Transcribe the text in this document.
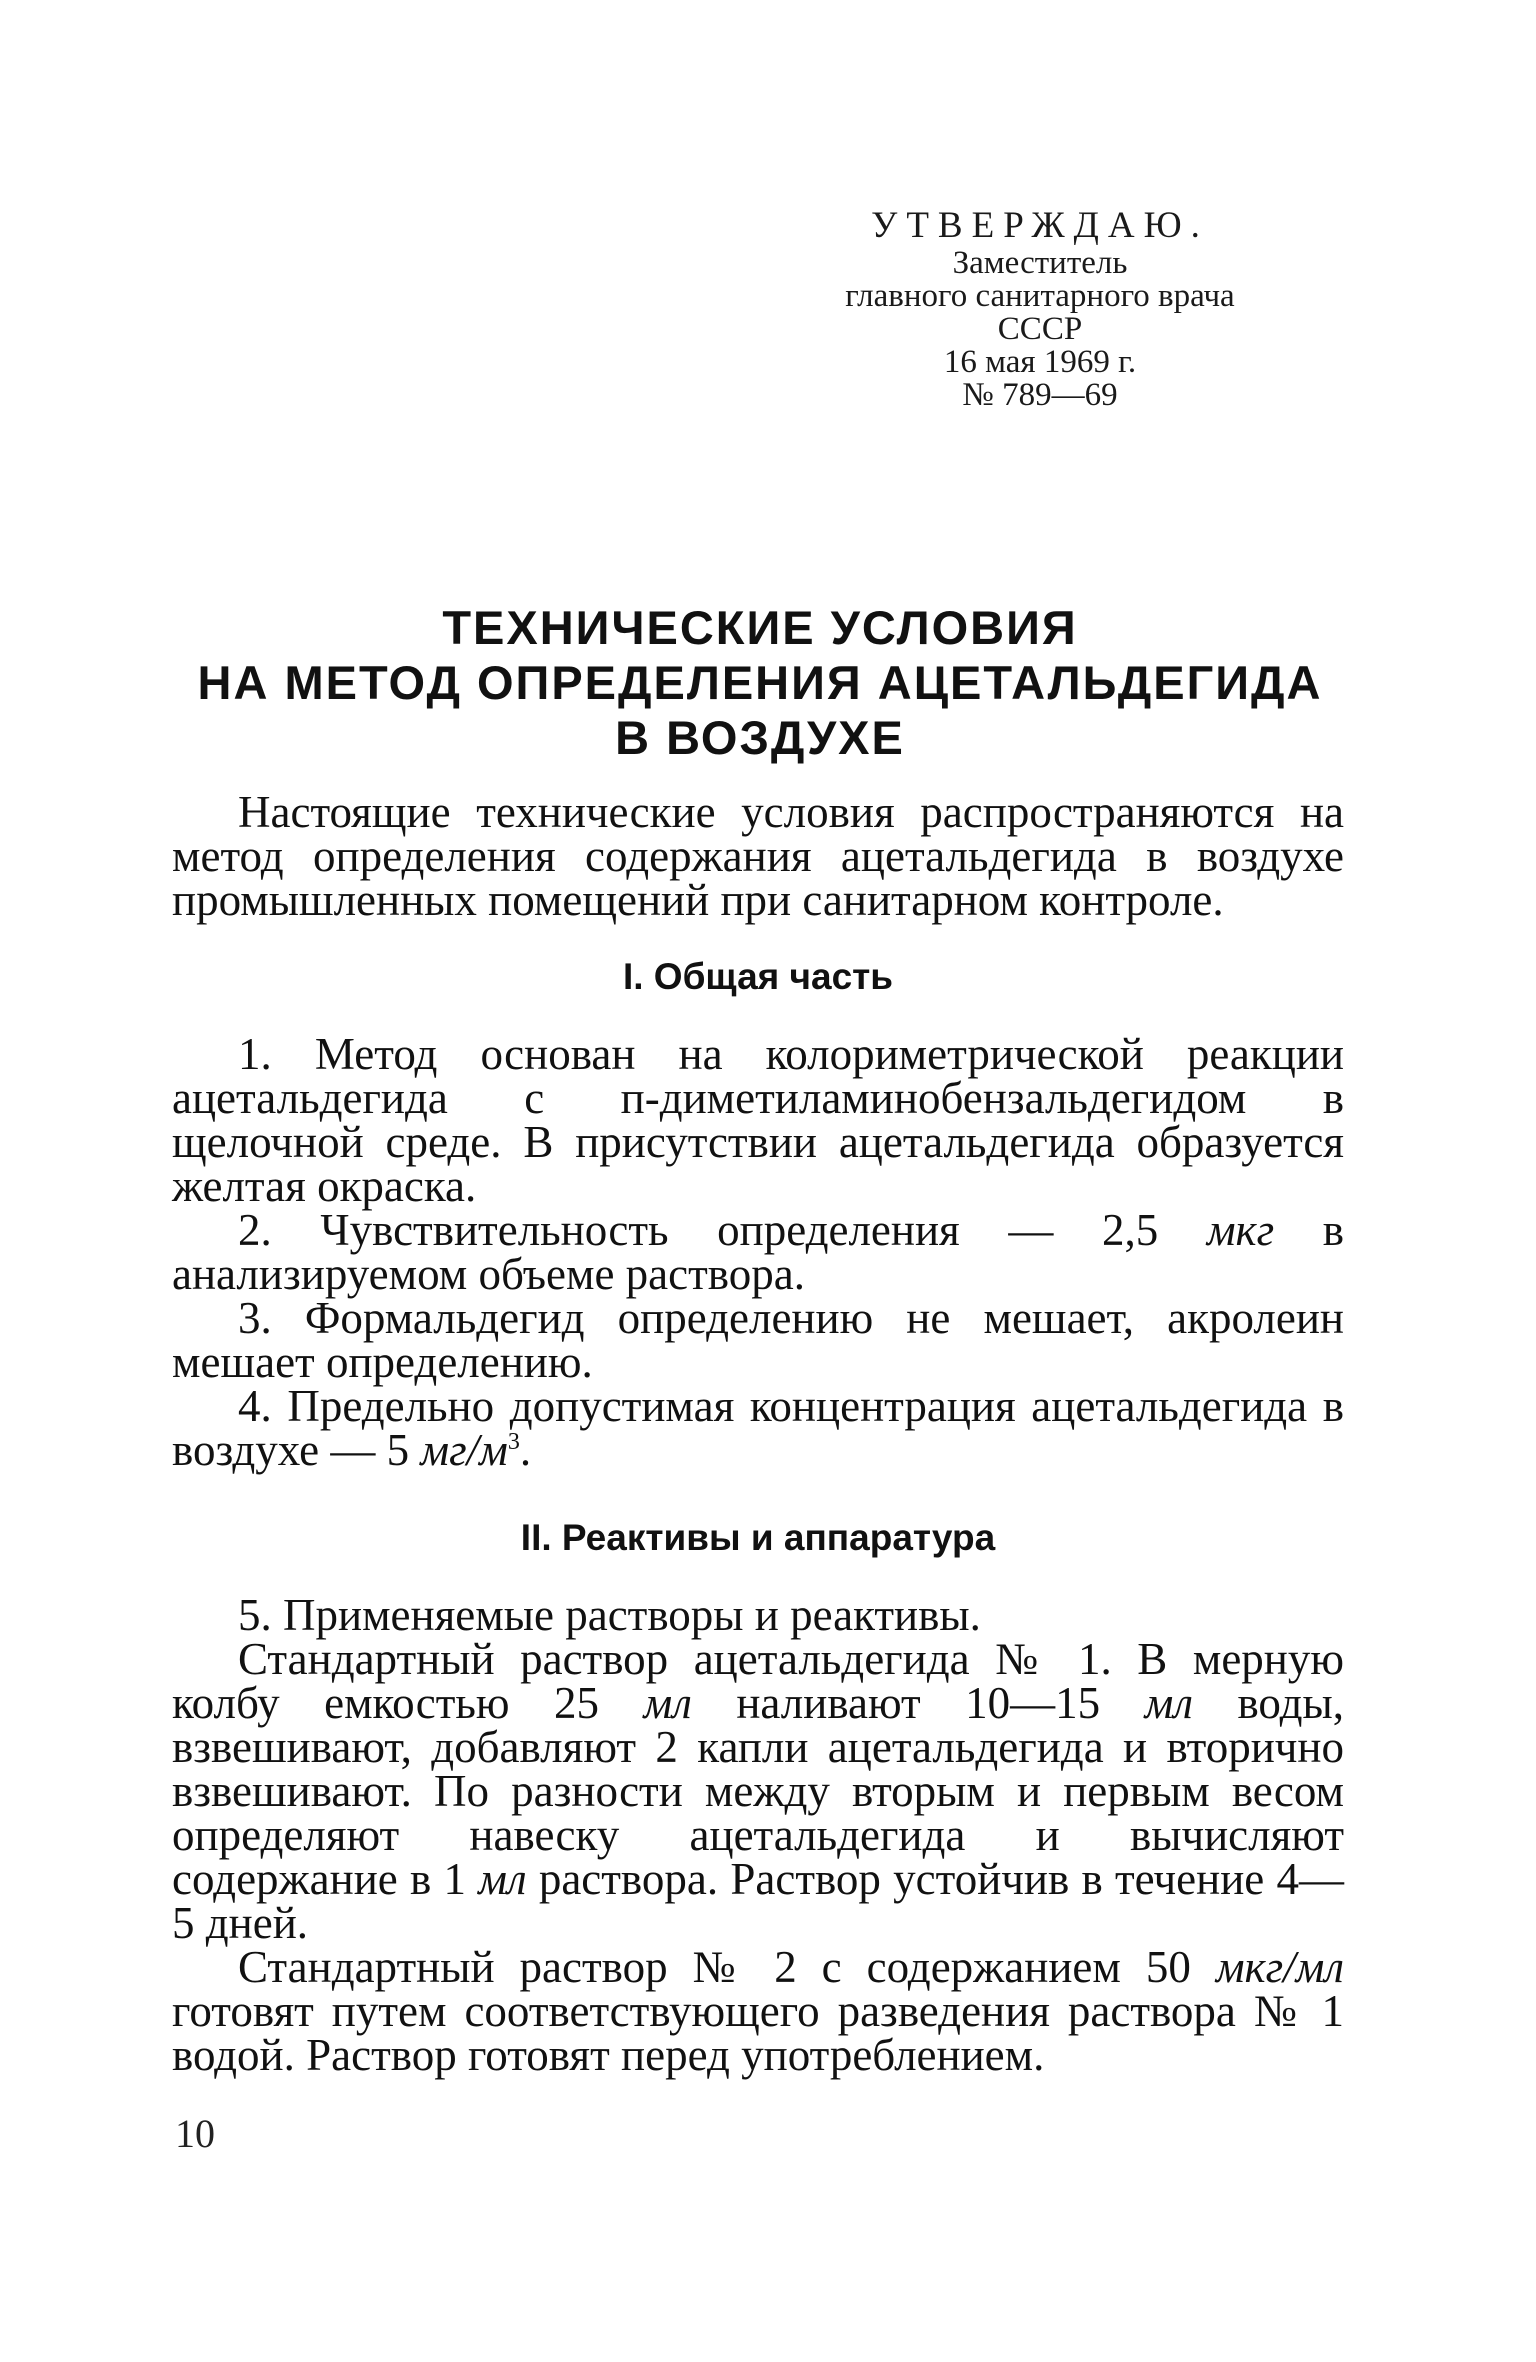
УТВЕРЖДАЮ.
Заместитель
главного санитарного врача
СССР
16 мая 1969 г.
№ 789—69
ТЕХНИЧЕСКИЕ УСЛОВИЯ
НА МЕТОД ОПРЕДЕЛЕНИЯ АЦЕТАЛЬДЕГИДА
В ВОЗДУХЕ

Настоящие технические условия распространяются на метод определения содержания ацетальдегида в воздухе промышленных помещений при санитарном контроле.

I. Общая часть

1. Метод основан на колориметрической реакции ацетальдегида с п-диметиламинобензальдегидом в щелочной среде. В присутствии ацетальдегида образуется желтая окраска.

2. Чувствительность определения — 2,5 мкг в анализируемом объеме раствора.

3. Формальдегид определению не мешает, акролеин мешает определению.

4. Предельно допустимая концентрация ацетальдегида в воздухе — 5 $мг/м^3$.

II. Реактивы и аппаратура

5. Применяемые растворы и реактивы.

Стандартный раствор ацетальдегида № 1. В мерную колбу емкостью 25 мл наливают 10—15 мл воды, взвешивают, добавляют 2 капли ацетальдегида и вторично взвешивают. По разности между вторым и первым весом определяют навеску ацетальдегида и вычисляют содержание в 1 мл раствора. Раствор устойчив в течение 4—5 дней.

Стандартный раствор № 2 с содержанием 50 мкг/мл готовят путем соответствующего разведения раствора № 1 водой. Раствор готовят перед употреблением.

10
